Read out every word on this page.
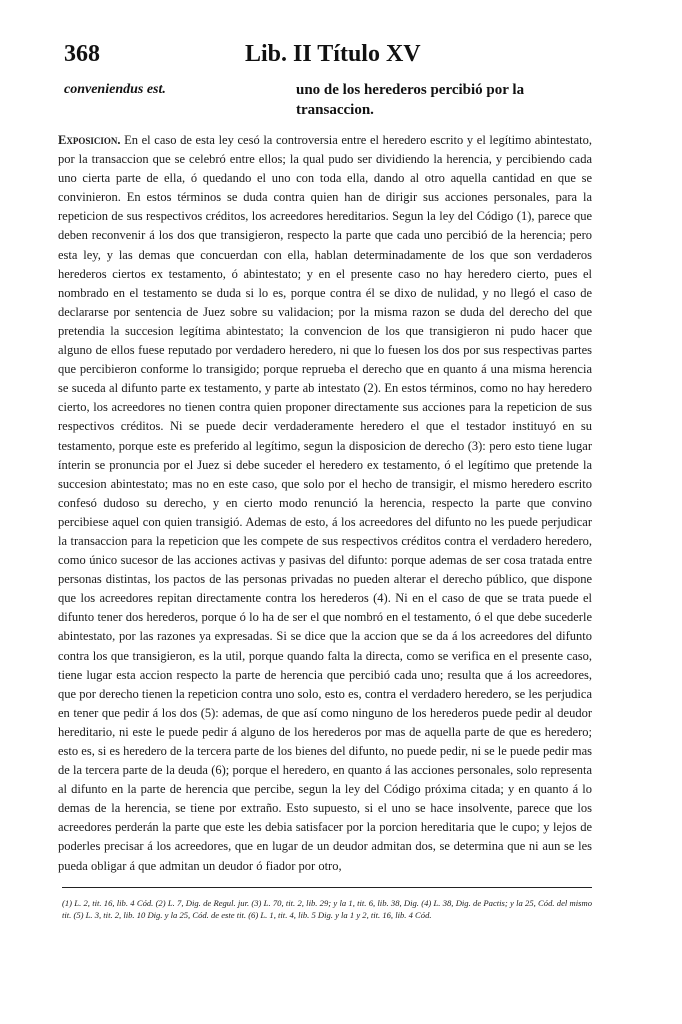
368	Lib. II Título XV
conveniendus est.	uno de los herederos percibió por la transaccion.
Exposicion. En el caso de esta ley cesó la controversia entre el heredero escrito y el legítimo abintestato, por la transaccion que se celebró entre ellos; la qual pudo ser dividiendo la herencia, y percibiendo cada uno cierta parte de ella, ó quedando el uno con toda ella, dando al otro aquella cantidad en que se convinieron. En estos términos se duda contra quien han de dirigir sus acciones personales, para la repeticion de sus respectivos créditos, los acreedores hereditarios. Segun la ley del Código (1), parece que deben reconvenir á los dos que transigieron, respecto la parte que cada uno percibió de la herencia; pero esta ley, y las demas que concuerdan con ella, hablan determinadamente de los que son verdaderos herederos ciertos ex testamento, ó abintestato; y en el presente caso no hay heredero cierto, pues el nombrado en el testamento se duda si lo es, porque contra él se dixo de nulidad, y no llegó el caso de declararse por sentencia de Juez sobre su validacion; por la misma razon se duda del derecho del que pretendia la succesion legítima abintestato; la convencion de los que transigieron ni pudo hacer que alguno de ellos fuese reputado por verdadero heredero, ni que lo fuesen los dos por sus respectivas partes que percibieron conforme lo transigido; porque repruebа el derecho que en quanto á una misma herencia se suceda al difunto parte ex testamento, y parte ab intestato (2). En estos términos, como no hay heredero cierto, los acreedores no tienen contra quien proponer directamente sus acciones para la repeticion de sus respectivos créditos. Ni se puede decir verdaderamente heredero el que el testador instituyó en su testamento, porque este es preferido al legítimo, segun la disposicion de derecho (3): pero esto tiene lugar ínterin se pronuncia por el Juez si debe suceder el heredero ex testamento, ó el legítimo que pretende la succesion abintestato; mas no en este caso, que solo por el hecho de transigir, el mismo heredero escrito confesó dudoso su derecho, y en cierto modo renunció la herencia, respecto la parte que convino percibiese aquel con quien transigió. Ademas de esto, á los acreedores del difunto no les puede perjudicar la transaccion para la repeticion que les compete de sus respectivos créditos contra el verdadero heredero, como único sucesor de las acciones activas y pasivas del difunto: porque ademas de ser cosa tratada entre personas distintas, los pactos de las personas privadas no pueden alterar el derecho público, que dispone que los acreedores repitan directamente contra los herederos (4). Ni en el caso de que se trata puede el difunto tener dos herederos, porque ó lo ha de ser el que nombró en el testamento, ó el que debe sucederle abintestato, por las razones ya expresadas. Si se dice que la accion que se da á los acreedores del difunto contra los que transigieron, es la util, porque quando falta la directa, como se verifica en el presente caso, tiene lugar esta accion respecto la parte de herencia que percibió cada uno; resulta que á los acreedores, que por derecho tienen la repeticion contra uno solo, esto es, contra el verdadero heredero, se les perjudica en tener que pedir á los dos (5): ademas, de que así como ninguno de los herederos puede pedir al deudor hereditario, ni este le puede pedir á alguno de los herederos por mas de aquella parte de que es heredero; esto es, si es heredero de la tercera parte de los bienes del difunto, no puede pedir, ni se le puede pedir mas de la tercera parte de la deuda (6); porque el heredero, en quanto á las acciones personales, solo representa al difunto en la parte de herencia que percibe, segun la ley del Código próxima citada; y en quanto á lo demas de la herencia, se tiene por extraño. Esto supuesto, si el uno se hace insolvente, parece que los acreedores perderán la parte que este les debia satisfacer por la porcion hereditaria que le cupo; y lejos de poderles precisar á los acreedores, que en lugar de un deudor admitan dos, se determina que ni aun se les pueda obligar á que admitan un deudor ó fiador por otro,
(1) L. 2, tit. 16, lib. 4 Cód. (2) L. 7, Dig. de Regul. jur. (3) L. 70, tit. 2, lib. 29; y la 1, tit. 6, lib. 38, Dig. (4) L. 38, Dig. de Pactis; y la 25, Cód. del mismo tit. (5) L. 3, tit. 2, lib. 10 Dig. y la 25, Cód. de este tit. (6) L. 1, tit. 4, lib. 5 Dig. y la 1 y 2, tit. 16, lib. 4 Cód.
